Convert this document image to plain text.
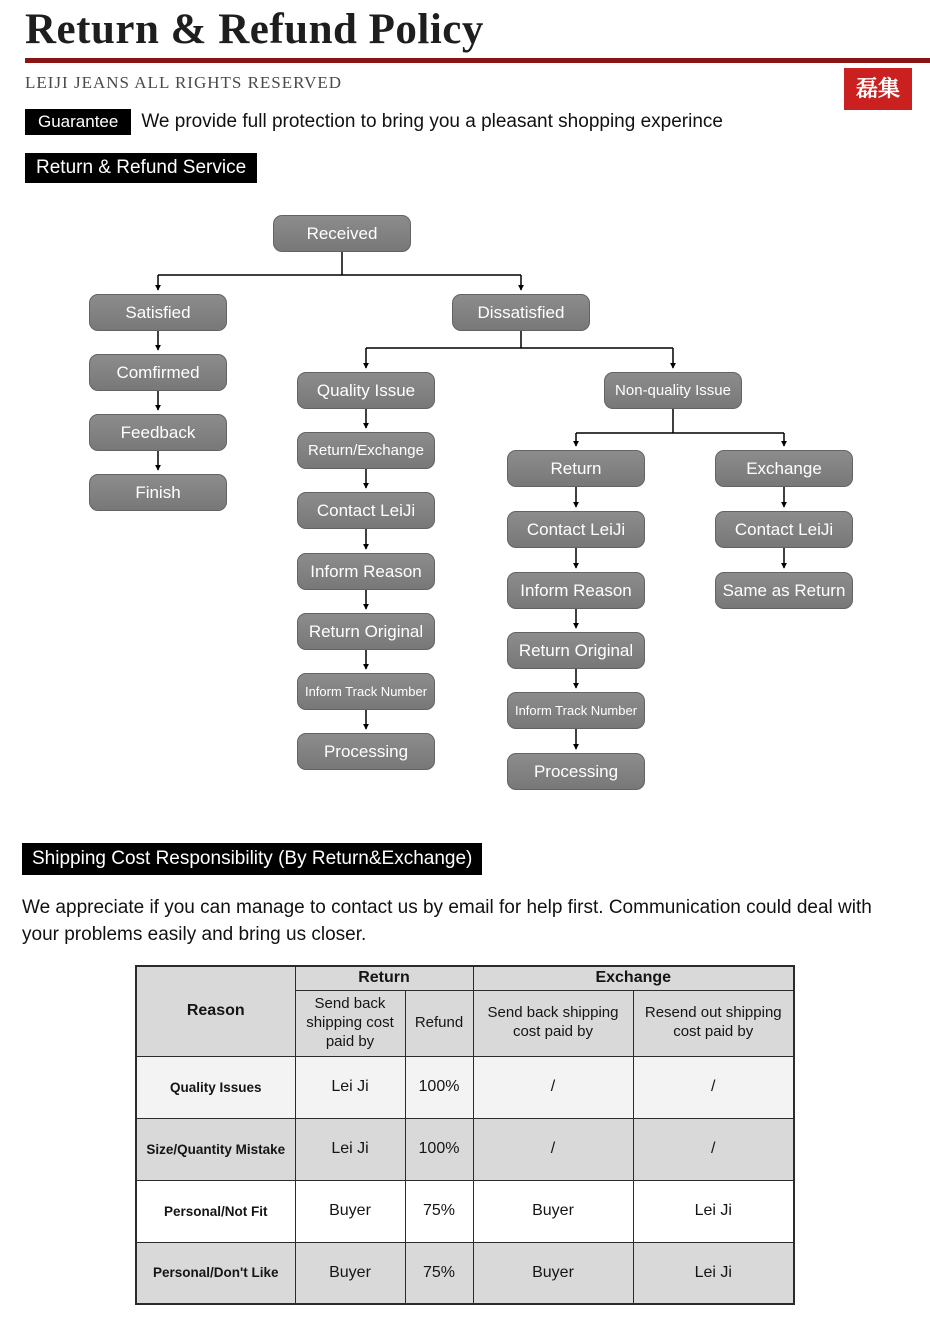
Return & Refund Policy
LEIJI JEANS ALL RIGHTS RESERVED	磊集
Guarantee	We provide full protection to bring you a pleasant shopping experince
Return & Refund Service
Received
Satisfied	Dissatisfied
Comfirmed
Feedback
Finish
Quality Issue	Non-quality Issue
Return/Exchange
Contact LeiJi
Inform Reason
Return Original
Inform Track Number
Processing
Return
Contact LeiJi
Inform Reason
Return Original
Inform Track Number
Processing
Exchange
Contact LeiJi
Same as Return
Shipping Cost Responsibility (By Return&Exchange)

We appreciate if you can manage to contact us by email for help first. Communication could deal with your problems easily and bring us closer.

Reason	Return		Exchange	
	Send back shipping cost paid by	Refund	Send back shipping cost paid by	Resend out shipping cost paid by
Quality Issues	Lei Ji	100%	/	/
Size/Quantity Mistake	Lei Ji	100%	/	/
Personal/Not Fit	Buyer	75%	Buyer	Lei Ji
Personal/Don't Like	Buyer	75%	Buyer	Lei Ji
